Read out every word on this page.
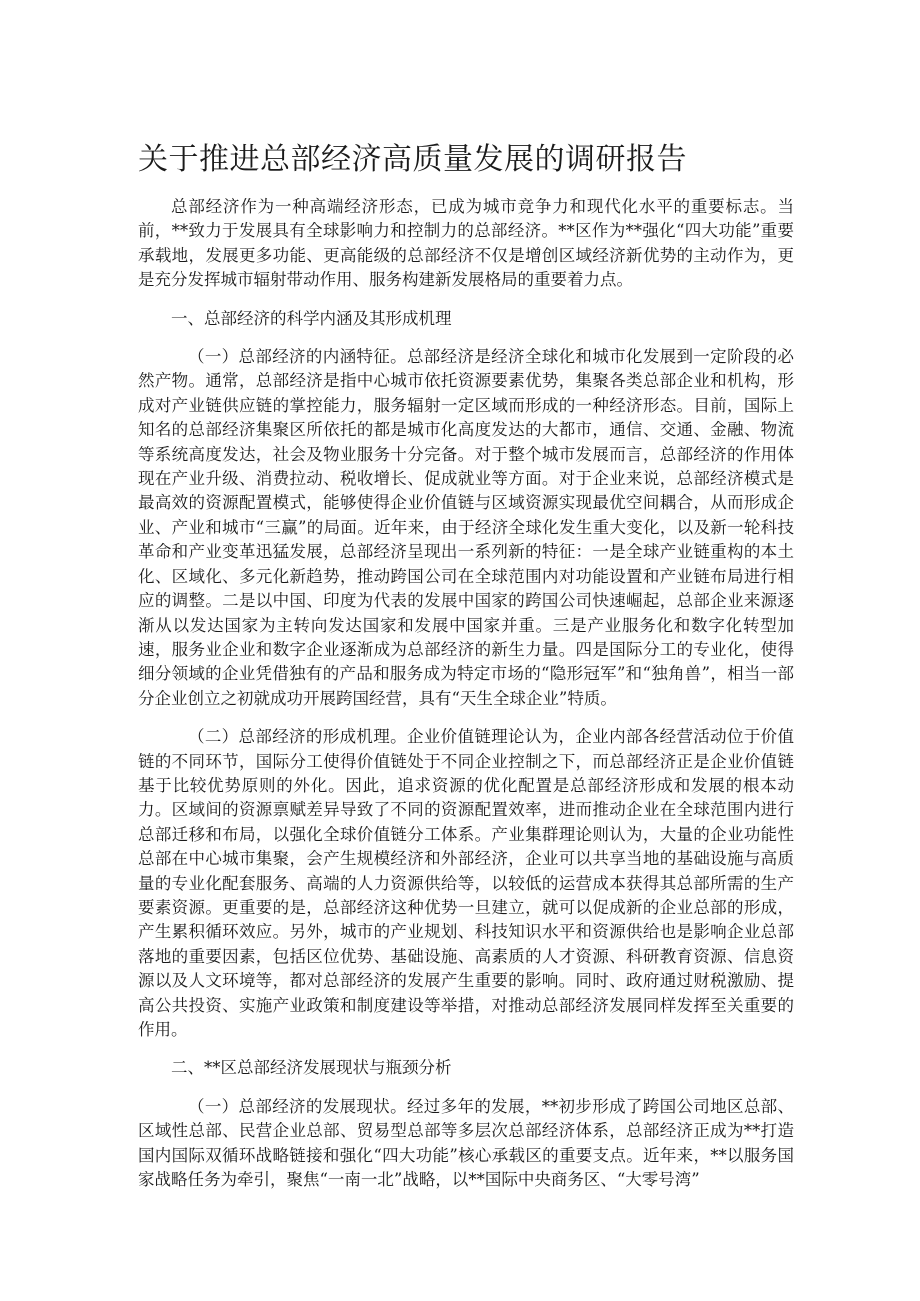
关于推进总部经济高质量发展的调研报告

总部经济作为一种高端经济形态，已成为城市竞争力和现代化水平的重要标志。当前，**致力于发展具有全球影响力和控制力的总部经济。**区作为**强化“四大功能”重要承载地，发展更多功能、更高能级的总部经济不仅是增创区域经济新优势的主动作为，更是充分发挥城市辐射带动作用、服务构建新发展格局的重要着力点。

一、总部经济的科学内涵及其形成机理

（一）总部经济的内涵特征。总部经济是经济全球化和城市化发展到一定阶段的必然产物。通常，总部经济是指中心城市依托资源要素优势，集聚各类总部企业和机构，形成对产业链供应链的掌控能力，服务辐射一定区域而形成的一种经济形态。目前，国际上知名的总部经济集聚区所依托的都是城市化高度发达的大都市，通信、交通、金融、物流等系统高度发达，社会及物业服务十分完备。对于整个城市发展而言，总部经济的作用体现在产业升级、消费拉动、税收增长、促成就业等方面。对于企业来说，总部经济模式是最高效的资源配置模式，能够使得企业价值链与区域资源实现最优空间耦合，从而形成企业、产业和城市“三赢”的局面。近年来，由于经济全球化发生重大变化，以及新一轮科技革命和产业变革迅猛发展，总部经济呈现出一系列新的特征：一是全球产业链重构的本土化、区域化、多元化新趋势，推动跨国公司在全球范围内对功能设置和产业链布局进行相应的调整。二是以中国、印度为代表的发展中国家的跨国公司快速崛起，总部企业来源逐渐从以发达国家为主转向发达国家和发展中国家并重。三是产业服务化和数字化转型加速，服务业企业和数字企业逐渐成为总部经济的新生力量。四是国际分工的专业化，使得细分领域的企业凭借独有的产品和服务成为特定市场的“隐形冠军”和“独角兽”，相当一部分企业创立之初就成功开展跨国经营，具有“天生全球企业”特质。

（二）总部经济的形成机理。企业价值链理论认为，企业内部各经营活动位于价值链的不同环节，国际分工使得价值链处于不同企业控制之下，而总部经济正是企业价值链基于比较优势原则的外化。因此，追求资源的优化配置是总部经济形成和发展的根本动力。区域间的资源禀赋差异导致了不同的资源配置效率，进而推动企业在全球范围内进行总部迁移和布局，以强化全球价值链分工体系。产业集群理论则认为，大量的企业功能性总部在中心城市集聚，会产生规模经济和外部经济，企业可以共享当地的基础设施与高质量的专业化配套服务、高端的人力资源供给等，以较低的运营成本获得其总部所需的生产要素资源。更重要的是，总部经济这种优势一旦建立，就可以促成新的企业总部的形成，产生累积循环效应。另外，城市的产业规划、科技知识水平和资源供给也是影响企业总部落地的重要因素，包括区位优势、基础设施、高素质的人才资源、科研教育资源、信息资源以及人文环境等，都对总部经济的发展产生重要的影响。同时、政府通过财税激励、提高公共投资、实施产业政策和制度建设等举措，对推动总部经济发展同样发挥至关重要的作用。

二、**区总部经济发展现状与瓶颈分析

（一）总部经济的发展现状。经过多年的发展，**初步形成了跨国公司地区总部、区域性总部、民营企业总部、贸易型总部等多层次总部经济体系，总部经济正成为**打造国内国际双循环战略链接和强化“四大功能”核心承载区的重要支点。近年来，**以服务国家战略任务为牵引，聚焦“一南一北”战略，以**国际中央商务区、“大零号湾”
